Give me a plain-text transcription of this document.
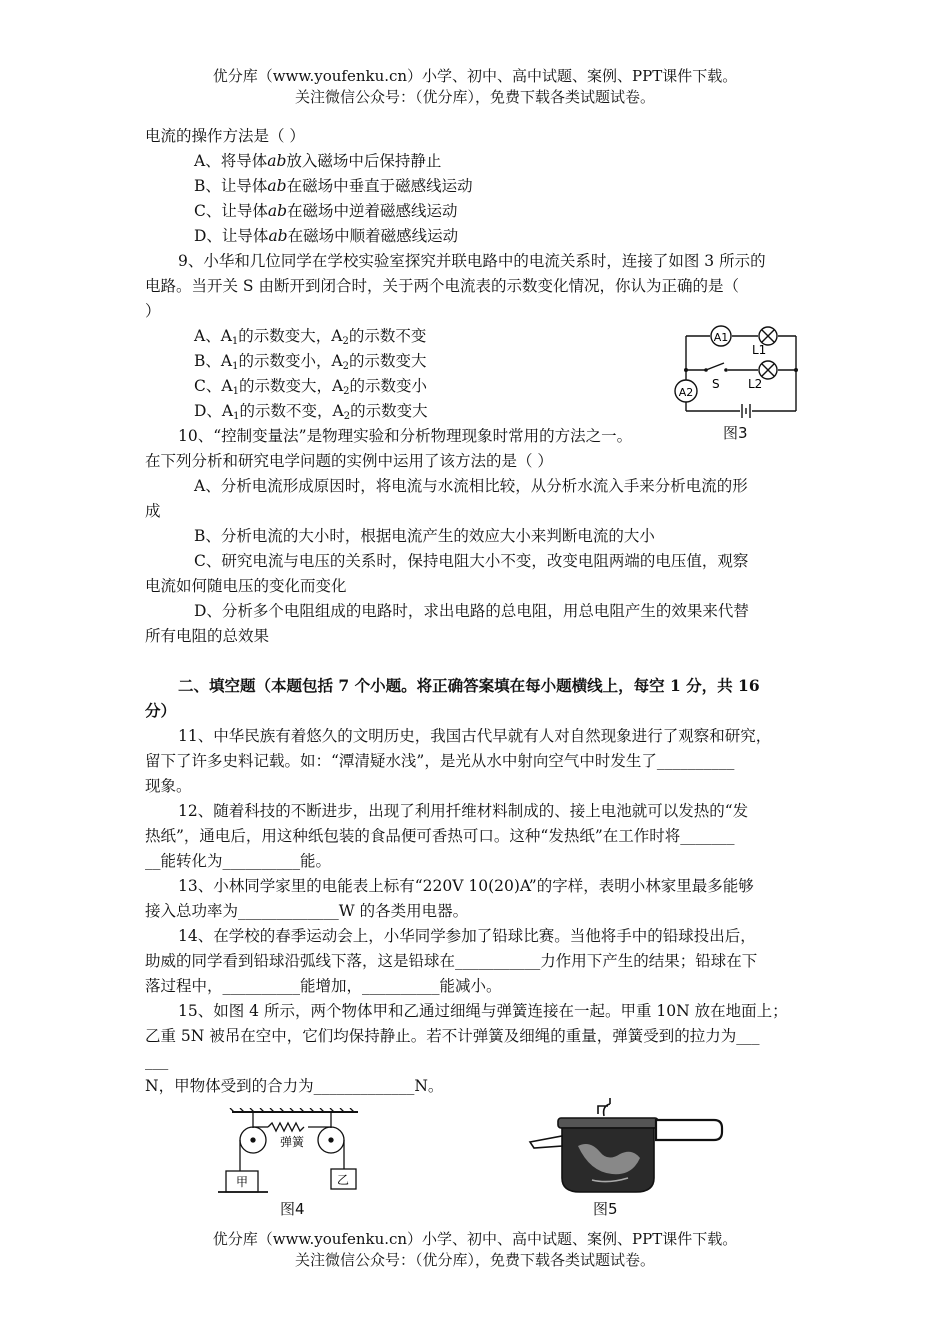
优分库（www.youfenku.cn）小学、初中、高中试题、案例、PPT课件下载。
关注微信公众号：（优分库），免费下载各类试题试卷。
电流的操作方法是（ ）
A、将导体ab放入磁场中后保持静止
B、让导体ab在磁场中垂直于磁感线运动
C、让导体ab在磁场中逆着磁感线运动
D、让导体ab在磁场中顺着磁感线运动
9、小华和几位同学在学校实验室探究并联电路中的电流关系时，连接了如图 3 所示的
电路。当开关 S 由断开到闭合时，关于两个电流表的示数变化情况，你认为正确的是（
）
A、$A_1$的示数变大，$A_2$的示数不变
B、$A_1$的示数变小，$A_2$的示数变大
C、$A_1$的示数变大，$A_2$的示数变小
D、$A_1$的示数不变，$A_2$的示数变大
A1
A2
L1
L2
S
图3
10、“控制变量法”是物理实验和分析物理现象时常用的方法之一。
在下列分析和研究电学问题的实例中运用了该方法的是（ ）
A、分析电流形成原因时，将电流与水流相比较，从分析水流入手来分析电流的形
成
B、分析电流的大小时，根据电流产生的效应大小来判断电流的大小
C、研究电流与电压的关系时，保持电阻大小不变，改变电阻两端的电压值，观察
电流如何随电压的变化而变化
D、分析多个电阻组成的电路时，求出电路的总电阻，用总电阻产生的效果来代替
所有电阻的总效果
二、填空题（本题包括 7 个小题。将正确答案填在每小题横线上，每空 1 分，共 16
分）
11、中华民族有着悠久的文明历史，我国古代早就有人对自然现象进行了观察和研究，
留下了许多史料记载。如：“潭清疑水浅”，是光从水中射向空气中时发生了__________
现象。
12、随着科技的不断进步，出现了利用扦维材料制成的、接上电池就可以发热的“发
热纸”，通电后，用这种纸包装的食品便可香热可口。这种“发热纸”在工作时将_______
__能转化为__________能。
13、小林同学家里的电能表上标有“220V 10(20)A”的字样，表明小林家里最多能够
接入总功率为_____________W 的各类用电器。
14、在学校的春季运动会上，小华同学参加了铅球比赛。当他将手中的铅球投出后，
助威的同学看到铅球沿弧线下落，这是铅球在___________力作用下产生的结果；铅球在下
落过程中，__________能增加，__________能减小。
15、如图 4 所示，两个物体甲和乙通过细绳与弹簧连接在一起。甲重 10N 放在地面上；
乙重 5N 被吊在空中，它们均保持静止。若不计弹簧及细绳的重量，弹簧受到的拉力为___
___
N，甲物体受到的合力为_____________N。
弹簧
甲	乙
图4	图5
优分库（www.youfenku.cn）小学、初中、高中试题、案例、PPT课件下载。
关注微信公众号：（优分库），免费下载各类试题试卷。
